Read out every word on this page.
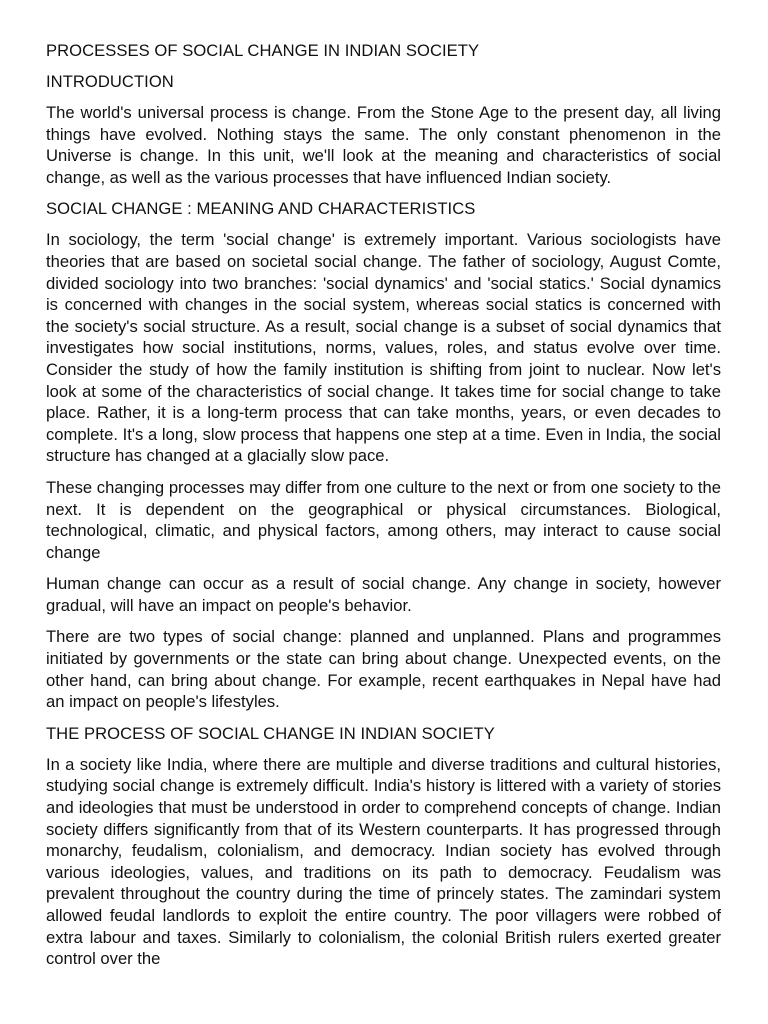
PROCESSES OF SOCIAL CHANGE IN INDIAN SOCIETY
INTRODUCTION

The world's universal process is change. From the Stone Age to the present day, all living things have evolved. Nothing stays the same. The only constant phenomenon in the Universe is change. In this unit, we'll look at the meaning and characteristics of social change, as well as the various processes that have influenced Indian society.

SOCIAL CHANGE : MEANING AND CHARACTERISTICS

In sociology, the term 'social change' is extremely important. Various sociologists have theories that are based on societal social change. The father of sociology, August Comte, divided sociology into two branches: 'social dynamics' and 'social statics.' Social dynamics is concerned with changes in the social system, whereas social statics is concerned with the society's social structure. As a result, social change is a subset of social dynamics that investigates how social institutions, norms, values, roles, and status evolve over time. Consider the study of how the family institution is shifting from joint to nuclear. Now let's look at some of the characteristics of social change. It takes time for social change to take place. Rather, it is a long-term process that can take months, years, or even decades to complete. It's a long, slow process that happens one step at a time. Even in India, the social structure has changed at a glacially slow pace.

These changing processes may differ from one culture to the next or from one society to the next. It is dependent on the geographical or physical circumstances. Biological, technological, climatic, and physical factors, among others, may interact to cause social change

Human change can occur as a result of social change. Any change in society, however gradual, will have an impact on people's behavior.

There are two types of social change: planned and unplanned. Plans and programmes initiated by governments or the state can bring about change. Unexpected events, on the other hand, can bring about change. For example, recent earthquakes in Nepal have had an impact on people's lifestyles.

THE PROCESS OF SOCIAL CHANGE IN INDIAN SOCIETY

In a society like India, where there are multiple and diverse traditions and cultural histories, studying social change is extremely difficult. India's history is littered with a variety of stories and ideologies that must be understood in order to comprehend concepts of change. Indian society differs significantly from that of its Western counterparts. It has progressed through monarchy, feudalism, colonialism, and democracy. Indian society has evolved through various ideologies, values, and traditions on its path to democracy. Feudalism was prevalent throughout the country during the time of princely states. The zamindari system allowed feudal landlords to exploit the entire country. The poor villagers were robbed of extra labour and taxes. Similarly to colonialism, the colonial British rulers exerted greater control over the
